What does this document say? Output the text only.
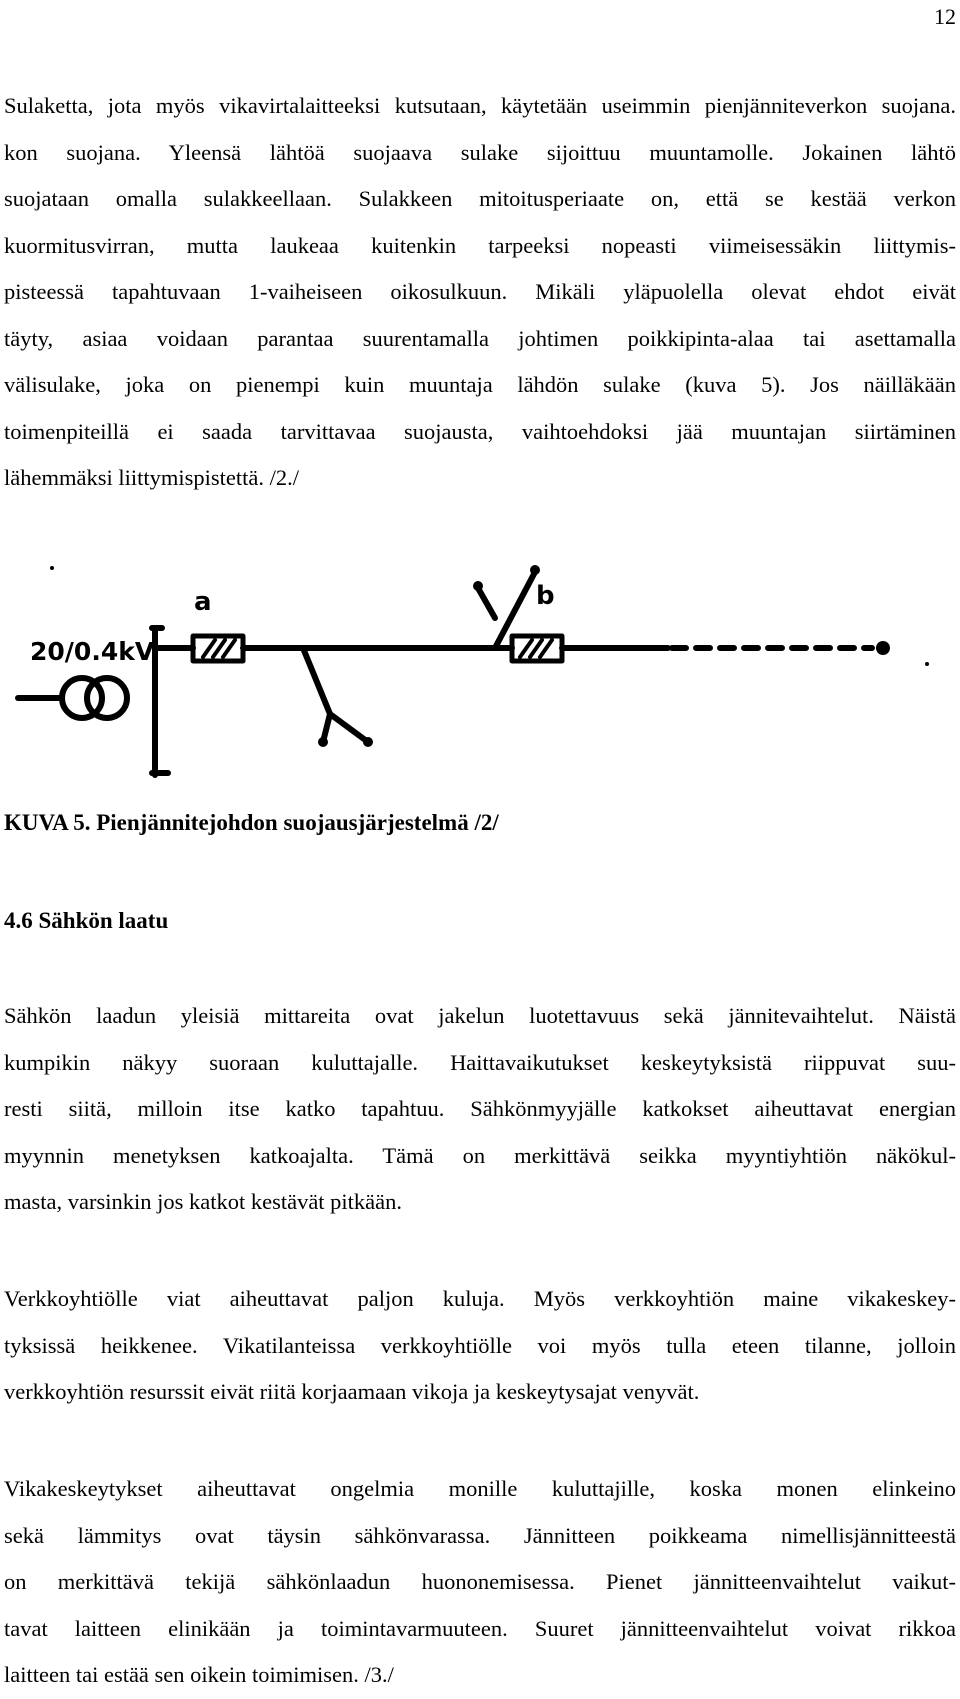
12

Sulaketta, jota myös vikavirtalaitteeksi kutsutaan, käytetään useimmin pienjänniteverkon suojana.
kon suojana. Yleensä lähtöä suojaava sulake sijoittuu muuntamolle. Jokainen lähtö
suojataan omalla sulakkeellaan. Sulakkeen mitoitusperiaate on, että se kestää verkon
kuormitusvirran, mutta laukeaa kuitenkin tarpeeksi nopeasti viimeisessäkin liittymis-
pisteessä tapahtuvaan 1-vaiheiseen oikosulkuun. Mikäli yläpuolella olevat ehdot eivät
täyty, asiaa voidaan parantaa suurentamalla johtimen poikkipinta-alaa tai asettamalla
välisulake, joka on pienempi kuin muuntaja lähdön sulake (kuva 5). Jos näilläkään
toimenpiteillä ei saada tarvittavaa suojausta, vaihtoehdoksi jää muuntajan siirtäminen
lähemmäksi liittymispistettä. /2./

20/0.4kV
a	b
KUVA 5. Pienjännitejohdon suojausjärjestelmä /2/
4.6 Sähkön laatu

Sähkön laadun yleisiä mittareita ovat jakelun luotettavuus sekä jännitevaihtelut. Näistä
kumpikin näkyy suoraan kuluttajalle. Haittavaikutukset keskeytyksistä riippuvat suu-
resti siitä, milloin itse katko tapahtuu. Sähkönmyyjälle katkokset aiheuttavat energian
myynnin menetyksen katkoajalta. Tämä on merkittävä seikka myyntiyhtiön näkökul-
masta, varsinkin jos katkot kestävät pitkään.

Verkkoyhtiölle viat aiheuttavat paljon kuluja. Myös verkkoyhtiön maine vikakeskey-
tyksissä heikkenee. Vikatilanteissa verkkoyhtiölle voi myös tulla eteen tilanne, jolloin
verkkoyhtiön resurssit eivät riitä korjaamaan vikoja ja keskeytysajat venyvät.

Vikakeskeytykset aiheuttavat ongelmia monille kuluttajille, koska monen elinkeino
sekä lämmitys ovat täysin sähkönvarassa. Jännitteen poikkeama nimellisjännitteestä
on merkittävä tekijä sähkönlaadun huononemisessa. Pienet jännitteenvaihtelut vaikut-
tavat laitteen elinikään ja toimintavarmuuteen. Suuret jännitteenvaihtelut voivat rikkoa
laitteen tai estää sen oikein toimimisen. /3./
